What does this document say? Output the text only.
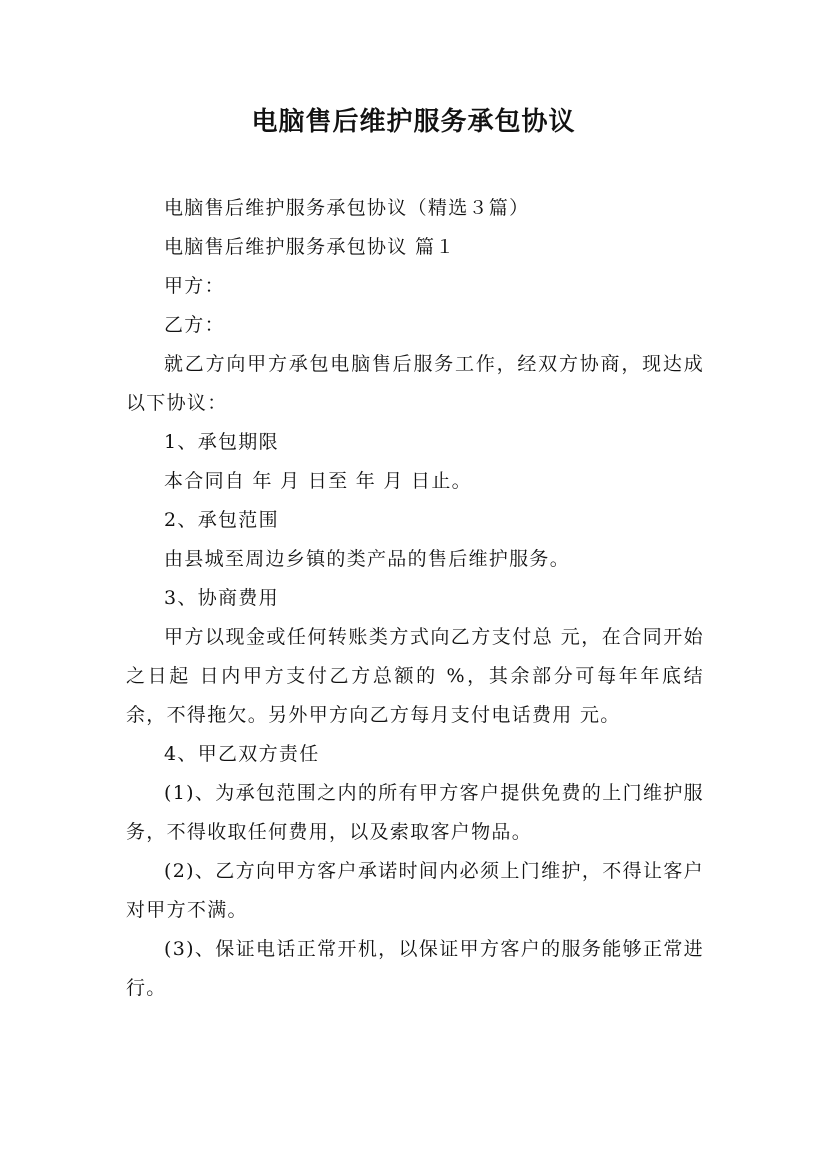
电脑售后维护服务承包协议

电脑售后维护服务承包协议（精选３篇）

电脑售后维护服务承包协议 篇１

甲方：

乙方：

就乙方向甲方承包电脑售后服务工作，经双方协商，现达成以下协议：

1、承包期限

本合同自 年 月 日至 年 月 日止。

2、承包范围

由县城至周边乡镇的类产品的售后维护服务。

3、协商费用

甲方以现金或任何转账类方式向乙方支付总 元，在合同开始之日起 日内甲方支付乙方总额的 %，其余部分可每年年底结余，不得拖欠。另外甲方向乙方每月支付电话费用 元。

4、甲乙双方责任

(1)、为承包范围之内的所有甲方客户提供免费的上门维护服务，不得收取任何费用，以及索取客户物品。

(2)、乙方向甲方客户承诺时间内必须上门维护，不得让客户对甲方不满。

(3)、保证电话正常开机，以保证甲方客户的服务能够正常进行。
